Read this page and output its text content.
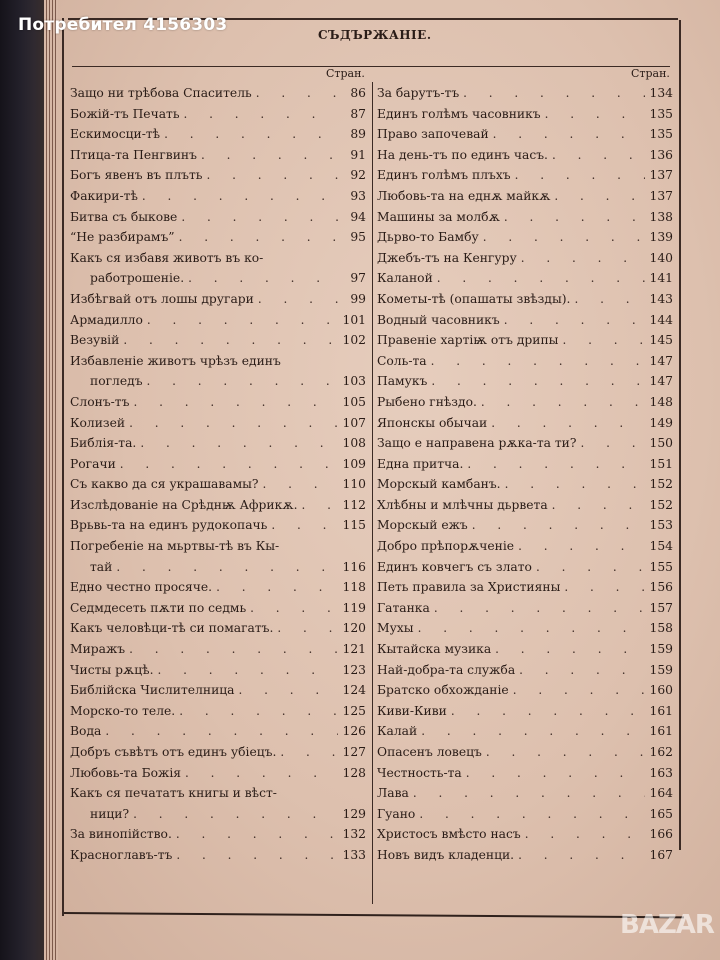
Потребител 4156303	СЪДЪРЖАНІЕ.
Стран.	Стран.
Защо ни трѣбова Спаситель . . .	86
Божій-тъ Печать . . .	87
Ескимосци-тѣ . . .	89
Птица-та Пенгвинъ . . .	91
Богъ явенъ въ плъть . . .	92
Факири-тѣ . . .	93
Битва съ быкове . . .	94
“Не разбирамъ” . . .	95
Какъ ся избавя животъ въ ко-
работрошеніе. . . .	97
Избѣгвай отъ лошы другари . . .	99
Армадилло . . .	101
Везувій . . .	102
Избавленіе животъ чрѣзъ единъ
погледъ . . .	103
Слонъ-тъ . . .	105
Колизей . . .	107
Библія-та. . . .	108
Рогачи . . .	109
Съ какво да ся украшавамы? . . .	110
Изслѣдованіе на Срѣднѭ Африкѫ. . . .	112
Врьвь-та на единъ рудокопачь . . .	115
Погребеніе на мьртвы-тѣ въ Кы-
тай . . .	116
Едно честно просяче. . . .	118
Седмдесеть пѫти по седмь . . .	119
Какъ человѣци-тѣ си помагатъ. . . .	120
Миражъ . . .	121
Чисты рѫцѣ. . . .	123
Библійска Числителница . . .	124
Морско-то теле. . . .	125
Вода . . .	126
Добръ съвѣтъ отъ единъ убіецъ. . . .	127
Любовь-та Божія . . .	128
Какъ ся печататъ книгы и вѣст-
ници? . . .	129
За винопійство. . . .	132
Красноглавъ-тъ . . .	133
За барутъ-тъ . . .	134
Единъ голѣмъ часовникъ . . .	135
Право започевай . . .	135
На день-тъ по единъ часъ. . . .	136
Единъ голѣмъ плъхъ . . .	137
Любовь-та на еднѫ майкѫ . . .	137
Машины за молбѫ . . .	138
Дьрво-то Бамбу . . .	139
Джебъ-тъ на Кенгуру . . .	140
Каланой . . .	141
Кометы-тѣ (опашаты звѣзды). . . .	143
Водный часовникъ . . .	144
Правеніе хартіѭ отъ дрипы . . .	145
Соль-та . . .	147
Памукъ . . .	147
Рыбено гнѣздо. . . .	148
Японскы обычаи . . .	149
Защо е направена рѫка-та ти? . . .	150
Една притча. . . .	151
Морскый камбанъ. . . .	152
Хлѣбны и млѣчны дьрвета . . .	152
Морскый ежъ . . .	153
Добро прѣпорѫченіе . . .	154
Единъ ковчегъ съ злато . . .	155
Петь правила за Християны . . .	156
Гатанка . . .	157
Мухы . . .	158
Кытайска музика . . .	159
Най-добра-та служба . . .	159
Братско обхожданіе . . .	160
Киви-Киви . . .	161
Калай . . .	161
Опасенъ ловецъ . . .	162
Честность-та . . .	163
Лава . . .	164
Гуано . . .	165
Христосъ вмѣсто насъ . . .	166
Новъ видъ кладенци. . . .	167
BAZAR
